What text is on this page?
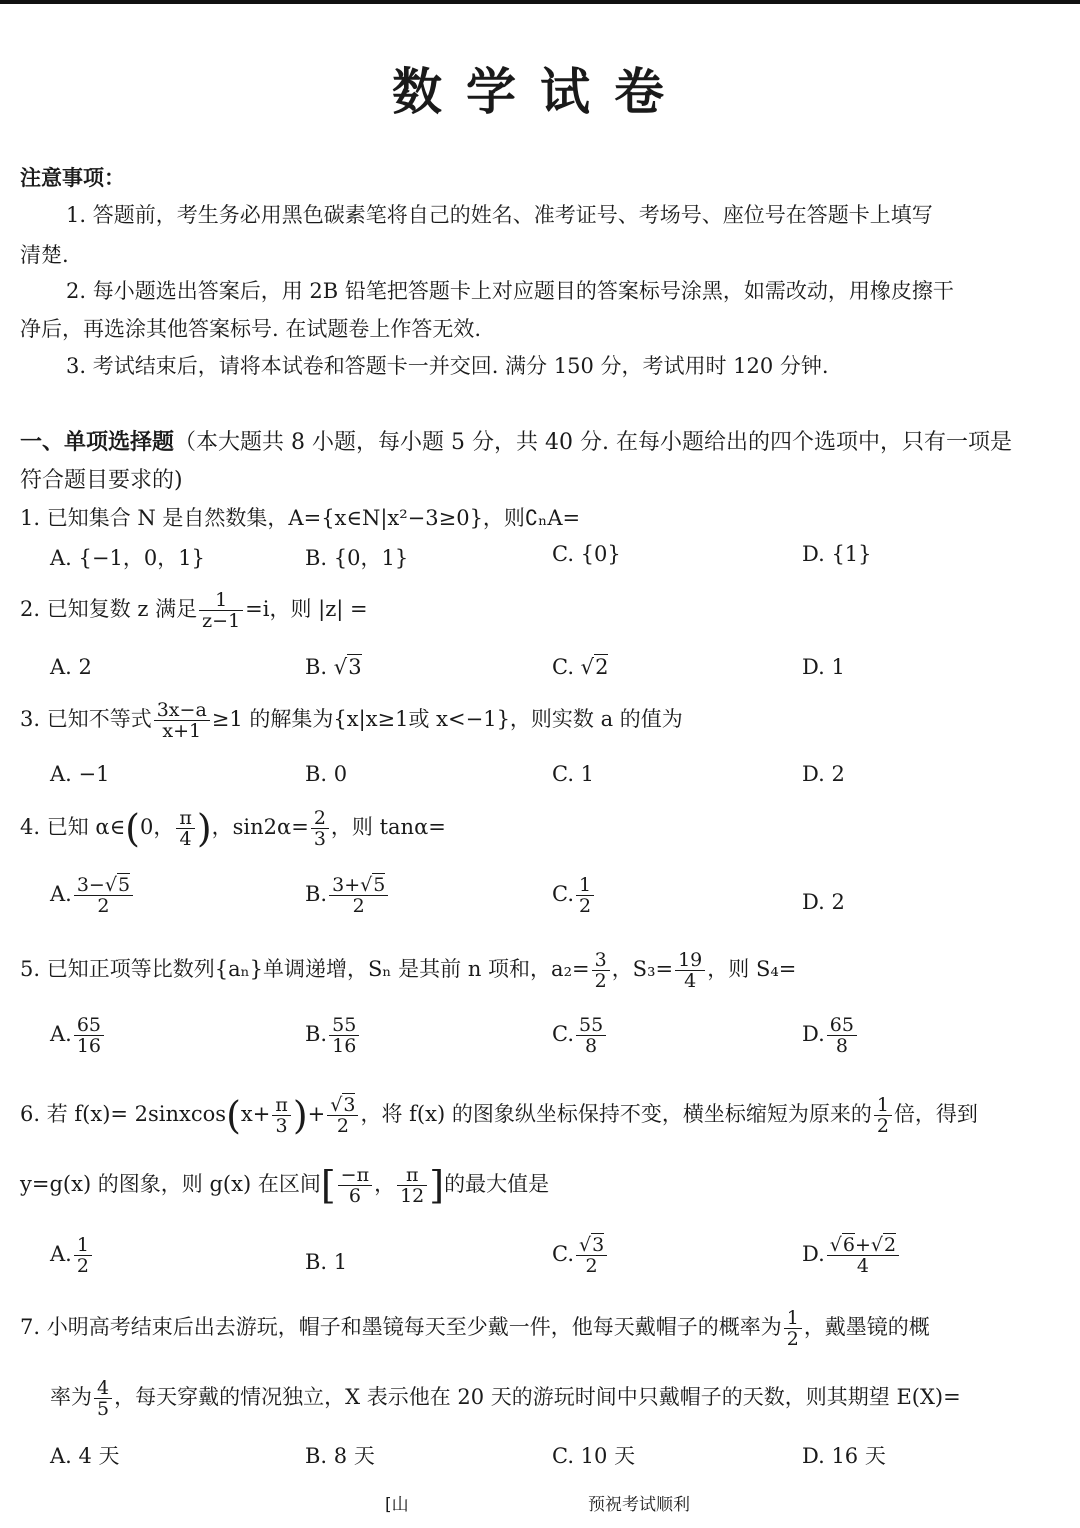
数学试卷
注意事项：
1. 答题前，考生务必用黑色碳素笔将自己的姓名、准考证号、考场号、座位号在答题卡上填写
清楚.
2. 每小题选出答案后，用 2B 铅笔把答题卡上对应题目的答案标号涂黑，如需改动，用橡皮擦干
净后，再选涂其他答案标号. 在试题卷上作答无效.
3. 考试结束后，请将本试卷和答题卡一并交回. 满分 150 分，考试用时 120 分钟.
一、单项选择题（本大题共 8 小题，每小题 5 分，共 40 分. 在每小题给出的四个选项中，只有一项是
符合题目要求的)
1. 已知集合 N 是自然数集，A={x∈N|x²−3≥0}，则∁ₙA=
A. {−1，0，1}	B. {0，1}	C. {0}	D. {1}
2. 已知复数 z 满足 $\frac{1}{z-1} =i$，则 |z| =
A. 2	B. √3	C. √2	D. 1
3. 已知不等式 $\frac{3x-a}{x+1} \ge 1$ 的解集为{x|x≥1或 x<−1}，则实数 a 的值为
A. −1	B. 0	C. 1	D. 2
4. 已知 α∈(0， $\frac{\pi}{4}$ )，$\sin 2\alpha= \frac{2}{3}$ ，则 tanα=
A. $\frac{3-√5}{2}$	B. $\frac{3+√5}{2}$	C. $\frac{1}{2}$	D. 2
5. 已知正项等比数列{aₙ}单调递增，Sₙ 是其前 n 项和，$a_2= \frac{3}{2}$ ，$S_3= \frac{19}{4}$ ，则 S₄=
A. $\frac{65}{16}$	B. $\frac{55}{16}$	C. $\frac{55}{8}$	D. $\frac{65}{8}$
6. 若 f(x)= 2sinxcos(x+ $\frac{\pi}{3}$ )+ $\frac{√3}{2}$ ，将 f(x) 的图象纵坐标保持不变，横坐标缩短为原来的 $\frac{1}{2}$ 倍，得到
y=g(x) 的图象，则 g(x) 在区间[ $\frac{-\pi}{6}$ ， $\frac{\pi}{12}$ ]的最大值是
A. $\frac{1}{2}$	B. 1	C. $\frac{√3}{2}$	D. $\frac{√6+√2}{4}$
7. 小明高考结束后出去游玩，帽子和墨镜每天至少戴一件，他每天戴帽子的概率为 $\frac{1}{2}$ ，戴墨镜的概
率为 $\frac{4}{5}$ ，每天穿戴的情况独立，X 表示他在 20 天的游玩时间中只戴帽子的天数，则其期望 E(X)=
A. 4 天	B. 8 天	C. 10 天	D. 16 天
[山	预祝考试顺利
